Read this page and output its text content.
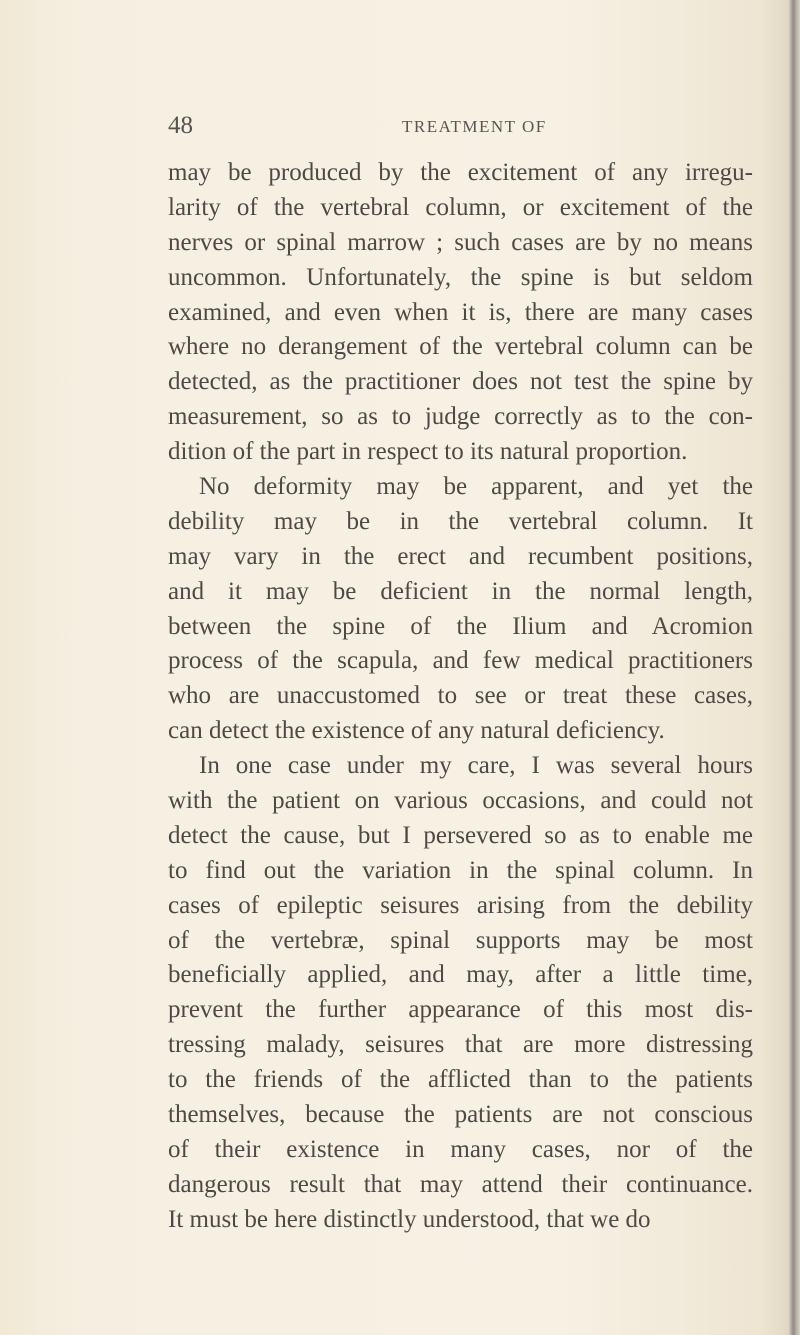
48	TREATMENT OF
may be produced by the excitement of any irregu-
larity of the vertebral column, or excitement of the
nerves or spinal marrow ; such cases are by no means
uncommon. Unfortunately, the spine is but seldom
examined, and even when it is, there are many cases
where no derangement of the vertebral column can be
detected, as the practitioner does not test the spine by
measurement, so as to judge correctly as to the con-
dition of the part in respect to its natural proportion.
No deformity may be apparent, and yet the
debility may be in the vertebral column. It
may vary in the erect and recumbent positions,
and it may be deficient in the normal length,
between the spine of the Ilium and Acromion
process of the scapula, and few medical practitioners
who are unaccustomed to see or treat these cases,
can detect the existence of any natural deficiency.
In one case under my care, I was several hours
with the patient on various occasions, and could not
detect the cause, but I persevered so as to enable me
to find out the variation in the spinal column. In
cases of epileptic seisures arising from the debility
of the vertebræ, spinal supports may be most
beneficially applied, and may, after a little time,
prevent the further appearance of this most dis-
tressing malady, seisures that are more distressing
to the friends of the afflicted than to the patients
themselves, because the patients are not conscious
of their existence in many cases, nor of the
dangerous result that may attend their continuance.
It must be here distinctly understood, that we do
